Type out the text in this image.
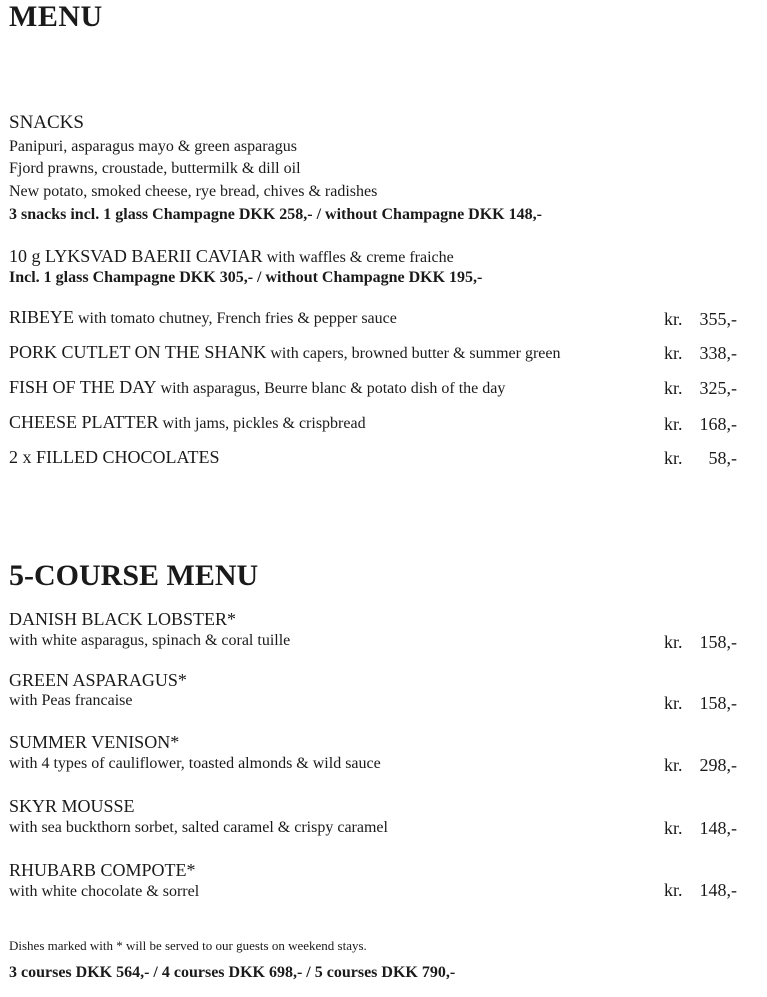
MENU
SNACKS
Panipuri, asparagus mayo & green asparagus
Fjord prawns, croustade, buttermilk & dill oil
New potato, smoked cheese, rye bread, chives & radishes
3 snacks incl. 1 glass Champagne DKK 258,- / without Champagne DKK 148,-
10 g LYKSVAD BAERII CAVIAR with waffles & creme fraiche
Incl. 1 glass Champagne DKK 305,- / without Champagne DKK 195,-
RIBEYE with tomato chutney, French fries & pepper sauce	kr. 355,-
PORK CUTLET ON THE SHANK with capers, browned butter & summer green	kr. 338,-
FISH OF THE DAY with asparagus, Beurre blanc & potato dish of the day	kr. 325,-
CHEESE PLATTER with jams, pickles & crispbread	kr. 168,-
2 x FILLED CHOCOLATES	kr. 58,-
5-COURSE MENU
DANISH BLACK LOBSTER*
with white asparagus, spinach & coral tuille	kr. 158,-
GREEN ASPARAGUS*
with Peas francaise	kr. 158,-
SUMMER VENISON*
with 4 types of cauliflower, toasted almonds & wild sauce	kr. 298,-
SKYR MOUSSE
with sea buckthorn sorbet, salted caramel & crispy caramel	kr. 148,-
RHUBARB COMPOTE*
with white chocolate & sorrel	kr. 148,-
Dishes marked with * will be served to our guests on weekend stays.
3 courses DKK 564,- / 4 courses DKK 698,- / 5 courses DKK 790,-
